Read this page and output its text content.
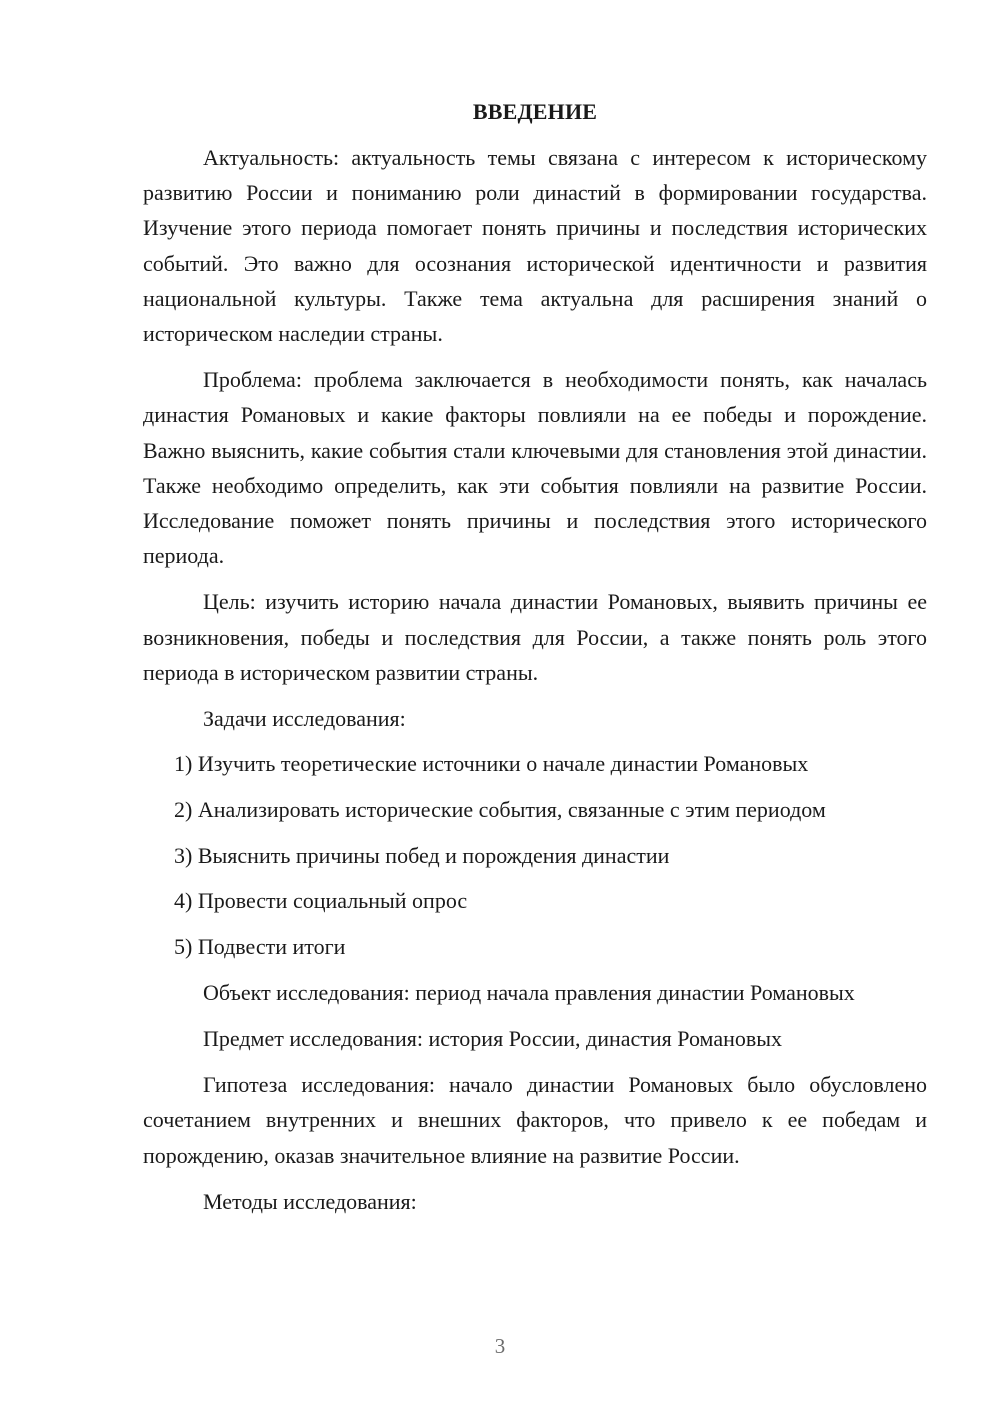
ВВЕДЕНИЕ

Актуальность: актуальность темы связана с интересом к историческому развитию России и пониманию роли династий в формировании государства. Изучение этого периода помогает понять причины и последствия исторических событий. Это важно для осознания исторической идентичности и развития национальной культуры. Также тема актуальна для расширения знаний о историческом наследии страны.

Проблема: проблема заключается в необходимости понять, как началась династия Романовых и какие факторы повлияли на ее победы и порождение. Важно выяснить, какие события стали ключевыми для становления этой династии. Также необходимо определить, как эти события повлияли на развитие России. Исследование поможет понять причины и последствия этого исторического периода.

Цель: изучить историю начала династии Романовых, выявить причины ее возникновения, победы и последствия для России, а также понять роль этого периода в историческом развитии страны.

Задачи исследования:

1) Изучить теоретические источники о начале династии Романовых
2) Анализировать исторические события, связанные с этим периодом
3) Выяснить причины побед и порождения династии
4) Провести социальный опрос
5) Подвести итоги

Объект исследования: период начала правления династии Романовых

Предмет исследования: история России, династия Романовых

Гипотеза исследования: начало династии Романовых было обусловлено сочетанием внутренних и внешних факторов, что привело к ее победам и порождению, оказав значительное влияние на развитие России.

Методы исследования:

3
